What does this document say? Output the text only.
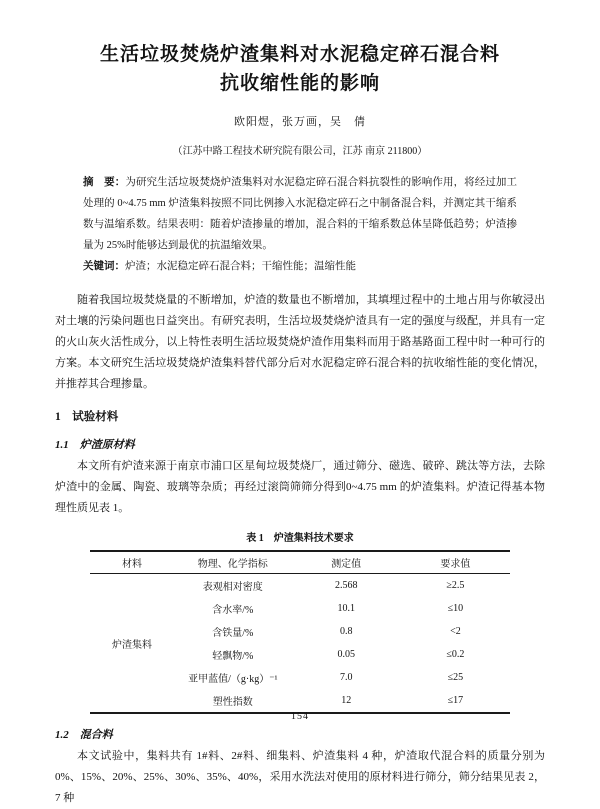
生活垃圾焚烧炉渣集料对水泥稳定碎石混合料
抗收缩性能的影响
欧阳煜，张万画，吴　倩
（江苏中路工程技术研究院有限公司，江苏 南京 211800）

摘　要：为研究生活垃圾焚烧炉渣集料对水泥稳定碎石混合料抗裂性的影响作用，将经过加工处理的 0~4.75 mm 炉渣集料按照不同比例掺入水泥稳定碎石之中制备混合料，并测定其干缩系数与温缩系数。结果表明：随着炉渣掺量的增加，混合料的干缩系数总体呈降低趋势；炉渣掺量为 25%时能够达到最优的抗温缩效果。

关键词：炉渣；水泥稳定碎石混合料；干缩性能；温缩性能

随着我国垃圾焚烧量的不断增加，炉渣的数量也不断增加，其填埋过程中的土地占用与你敏浸出对土壤的污染问题也日益突出。有研究表明，生活垃圾焚烧炉渣具有一定的强度与级配，并具有一定的火山灰火活性成分，以上特性表明生活垃圾焚烧炉渣作用集料而用于路基路面工程中时一种可行的方案。本文研究生活垃圾焚烧炉渣集料替代部分后对水泥稳定碎石混合料的抗收缩性能的变化情况，并推荐其合理掺量。

1　试验材料
1.1　炉渣原材料

本文所有炉渣来源于南京市浦口区星甸垃圾焚烧厂，通过筛分、磁选、破碎、跳汰等方法，去除炉渣中的金属、陶瓷、玻璃等杂质；再经过滚筒筛筛分得到0~4.75 mm 的炉渣集料。炉渣记得基本物理性质见表 1。

表 1　炉渣集料技术要求
材料	物理、化学指标	测定值	要求值
炉渣集料	表观相对密度	2.568	≥2.5
	含水率/%	10.1	≤10
	含铁量/%	0.8	<2
	轻飘物/%	0.05	≤0.2
	亚甲蓝值/（g·kg）⁻¹	7.0	≤25
	塑性指数	12	≤17
1.2　混合料

本文试验中，集料共有 1#料、2#料、细集料、炉渣集料 4 种，炉渣取代混合料的质量分别为 0%、15%、20%、25%、30%、35%、40%，采用水洗法对使用的原材料进行筛分，筛分结果见表 2，7 种

154
